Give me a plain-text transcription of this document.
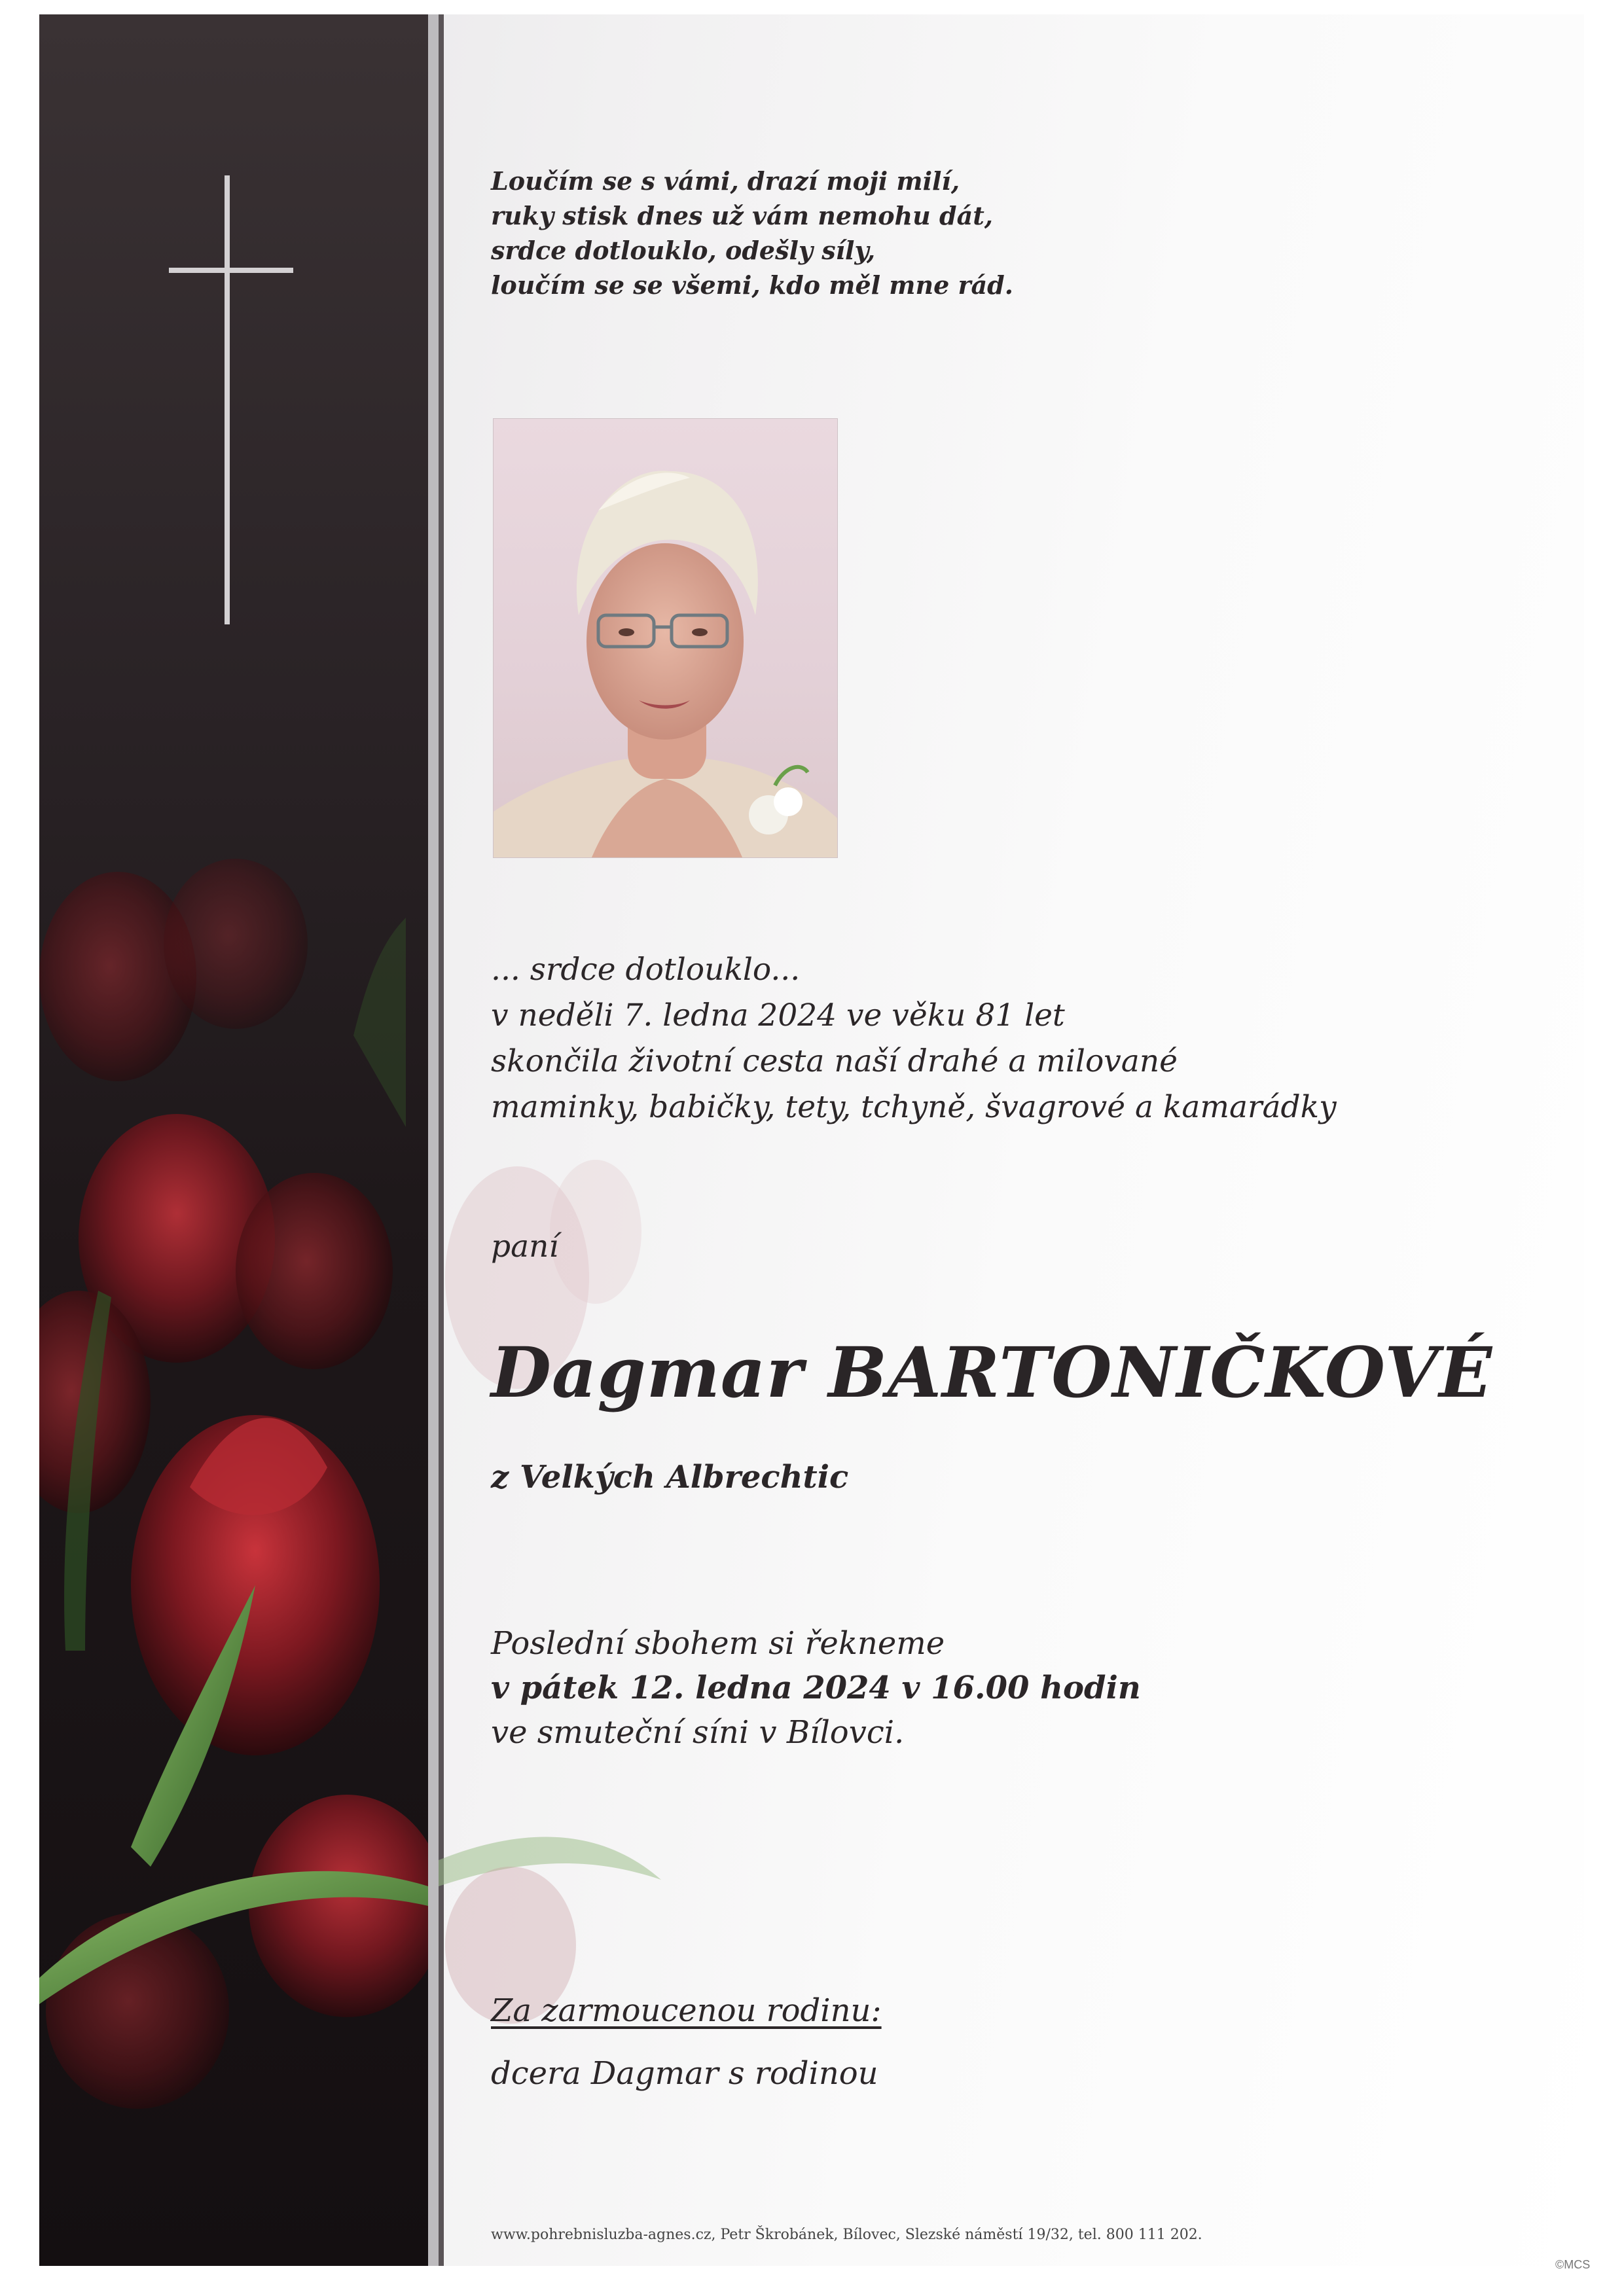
Loučím se s vámi, drazí moji milí,
ruky stisk dnes už vám nemohu dát,
srdce dotlouklo, odešly síly,
loučím se se všemi, kdo měl mne rád.
... srdce dotlouklo...
v neděli 7. ledna 2024 ve věku 81 let
skončila životní cesta naší drahé a milované
maminky, babičky, tety, tchyně, švagrové a kamarádky
paní
Dagmar BARTONIČKOVÉ
z Velkých Albrechtic
Poslední sbohem si řekneme
v pátek 12. ledna 2024 v 16.00 hodin
ve smuteční síni v Bílovci.
Za zarmoucenou rodinu:
dcera Dagmar s rodinou
www.pohrebnisluzba-agnes.cz, Petr Škrobánek, Bílovec, Slezské náměstí 19/32, tel. 800 111 202.
©MCS
